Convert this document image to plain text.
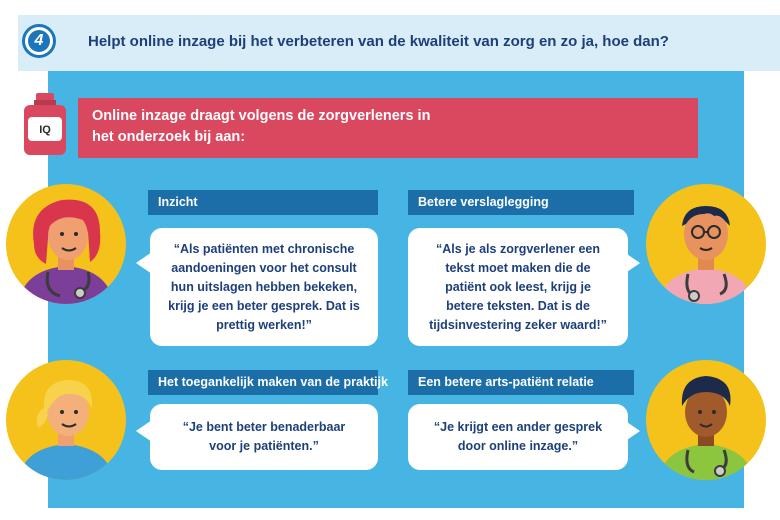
4	Helpt online inzage bij het verbeteren van de kwaliteit van zorg en zo ja, hoe dan?
IQ
Online inzage draagt volgens de zorgverleners in
het onderzoek bij aan:
Inzicht
“Als patiënten met chronische
aandoeningen voor het consult
hun uitslagen hebben bekeken,
krijg je een beter gesprek. Dat is
prettig werken!”
Betere verslaglegging
“Als je als zorgverlener een
tekst moet maken die de
patiënt ook leest, krijg je
betere teksten. Dat is de
tijdsinvestering zeker waard!”
Het toegankelijk maken van de praktijk
“Je bent beter benaderbaar
voor je patiënten.”
Een betere arts-patiënt relatie
“Je krijgt een ander gesprek
door online inzage.”
